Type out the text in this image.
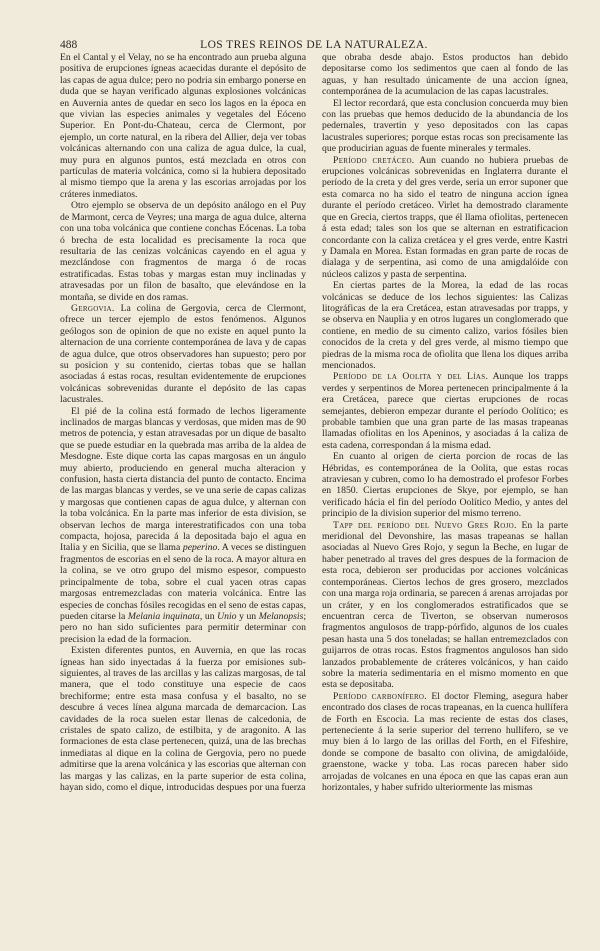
488	LOS TRES REINOS DE LA NATURALEZA.

En el Cantal y el Velay, no se ha encontrado aun prueba alguna positiva de erupciones ígneas acaecidas durante el depósito de las capas de agua dulce; pero no podria sin embargo ponerse en duda que se hayan verificado algunas explosiones volcánicas en Auvernia antes de quedar en seco los lagos en la época en que vivian las especies animales y vegetales del Eóceno Superior. En Pont-du-Chateau, cerca de Clermont, por ejemplo, un corte natural, en la ribera del Allier, deja ver tobas volcánicas alternando con una caliza de agua dulce, la cual, muy pura en algunos puntos, está mezclada en otros con partículas de materia volcánica, como si la hubiera depositado al mismo tiempo que la arena y las escorias arrojadas por los cráteres inmediatos.

Otro ejemplo se observa de un depósito análogo en el Puy de Marmont, cerca de Veyres; una marga de agua dulce, alterna con una toba volcánica que contiene conchas Eócenas. La toba ó brecha de esta localidad es precisamente la roca que resultaria de las cenizas volcánicas cayendo en el agua y mezclándose con fragmentos de marga ó de rocas estratificadas. Estas tobas y margas estan muy inclinadas y atravesadas por un filon de basalto, que elevándose en la montaña, se divide en dos ramas.

Gergovia. La colina de Gergovia, cerca de Clermont, ofrece un tercer ejemplo de estos fenómenos. Algunos geólogos son de opinion de que no existe en aquel punto la alternacion de una corriente contemporánea de lava y de capas de agua dulce, que otros observadores han supuesto; pero por su posicion y su contenido, ciertas tobas que se hallan asociadas á estas rocas, resultan evidentemente de erupciones volcánicas sobrevenidas durante el depósito de las capas lacustrales.

El pié de la colina está formado de lechos ligeramente inclinados de margas blancas y verdosas, que miden mas de 90 metros de potencia, y estan atravesadas por un dique de basalto que se puede estudiar en la quebrada mas arriba de la aldea de Mesdogne. Este dique corta las capas margosas en un ángulo muy abierto, produciendo en general mucha alteracion y confusion, hasta cierta distancia del punto de contacto. Encima de las margas blancas y verdes, se ve una serie de capas calizas y margosas que contienen capas de agua dulce, y alternan con la toba volcánica. En la parte mas inferior de esta division, se observan lechos de marga interestratificados con una toba compacta, hojosa, parecida á la depositada bajo el agua en Italia y en Sicilia, que se llama peperino. A veces se distinguen fragmentos de escorias en el seno de la roca. A mayor altura en la colina, se ve otro grupo del mismo espesor, compuesto principalmente de toba, sobre el cual yacen otras capas margosas entremezcladas con materia volcánica. Entre las especies de conchas fósiles recogidas en el seno de estas capas, pueden citarse la Melania inquinata, un Unio y un Melanopsis; pero no han sido suficientes para permitir determinar con precision la edad de la formacion.

Existen diferentes puntos, en Auvernia, en que las rocas ígneas han sido inyectadas á la fuerza por emisiones sub-siguientes, al traves de las arcillas y las calizas margosas, de tal manera, que el todo constituye una especie de caos brechiforme; entre esta masa confusa y el basalto, no se descubre á veces línea alguna marcada de demarcacion. Las cavidades de la roca suelen estar llenas de calcedonia, de cristales de spato calizo, de estilbita, y de aragonito. A las formaciones de esta clase pertenecen, quizá, una de las brechas inmediatas al dique en la colina de Gergovia, pero no puede admitirse que la arena volcánica y las escorias que alternan con las margas y las calizas, en la parte superior de esta colina, hayan sido, como el dique, introducidas despues por una fuerza

que obraba desde abajo. Estos productos han debido depositarse como los sedimentos que caen al fondo de las aguas, y han resultado únicamente de una accion ígnea, contemporánea de la acumulacion de las capas lacustrales.

El lector recordará, que esta conclusion concuerda muy bien con las pruebas que hemos deducido de la abundancia de los pedernales, travertin y yeso depositados con las capas lacustrales superiores; porque estas rocas son precisamente las que producirian aguas de fuente minerales y termales.

Período cretáceo. Aun cuando no hubiera pruebas de erupciones volcánicas sobrevenidas en Inglaterra durante el período de la creta y del gres verde, seria un error suponer que esta comarca no ha sido el teatro de ninguna accion ígnea durante el período cretáceo. Virlet ha demostrado claramente que en Grecia, ciertos trapps, que él llama ofiolitas, pertenecen á esta edad; tales son los que se alternan en estratificacion concordante con la caliza cretácea y el gres verde, entre Kastri y Damala en Morea. Estan formadas en gran parte de rocas de dialaga y de serpentina, asi como de una amigdalóide con núcleos calizos y pasta de serpentina.

En ciertas partes de la Morea, la edad de las rocas volcánicas se deduce de los lechos siguientes: las Calizas litográficas de la era Cretácea, estan atravesadas por trapps, y se observa en Nauplia y en otros lugares un conglomerado que contiene, en medio de su cimento calizo, varios fósiles bien conocidos de la creta y del gres verde, al mismo tiempo que piedras de la misma roca de ofiolita que llena los diques arriba mencionados.

Período de la Oolita y del Lías. Aunque los trapps verdes y serpentinos de Morea pertenecen principalmente á la era Cretácea, parece que ciertas erupciones de rocas semejantes, debieron empezar durante el período Oolítico; es probable tambien que una gran parte de las masas trapeanas llamadas ofiolitas en los Apeninos, y asociadas á la caliza de esta cadena, correspondan á la misma edad.

En cuanto al origen de cierta porcion de rocas de las Hébridas, es contemporánea de la Oolita, que estas rocas atraviesan y cubren, como lo ha demostrado el profesor Forbes en 1850. Ciertas erupciones de Skye, por ejemplo, se han verificado hácia el fin del período Oolítico Medio, y antes del principio de la division superior del mismo terreno.

Tapp del período del Nuevo Gres Rojo. En la parte meridional del Devonshire, las masas trapeanas se hallan asociadas al Nuevo Gres Rojo, y segun la Beche, en lugar de haber penetrado al traves del gres despues de la formacion de esta roca, debieron ser producidas por acciones volcánicas contemporáneas. Ciertos lechos de gres grosero, mezclados con una marga roja ordinaria, se parecen á arenas arrojadas por un cráter, y en los conglomerados estratificados que se encuentran cerca de Tiverton, se observan numerosos fragmentos angulosos de trapp-pórfido, algunos de los cuales pesan hasta una 5 dos toneladas; se hallan entremezclados con guijarros de otras rocas. Estos fragmentos angulosos han sido lanzados probablemente de cráteres volcánicos, y han caido sobre la materia sedimentaria en el mismo momento en que esta se depositaba.

Período carbonífero. El doctor Fleming, asegura haber encontrado dos clases de rocas trapeanas, en la cuenca hullífera de Forth en Escocia. La mas reciente de estas dos clases, perteneciente á la serie superior del terreno hullífero, se ve muy bien á lo largo de las orillas del Forth, en el Fifeshire, donde se compone de basalto con olivina, de amigdalóide, graenstone, wacke y toba. Las rocas parecen haber sido arrojadas de volcanes en una época en que las capas eran aun horizontales, y haber sufrido ulteriormente las mismas
